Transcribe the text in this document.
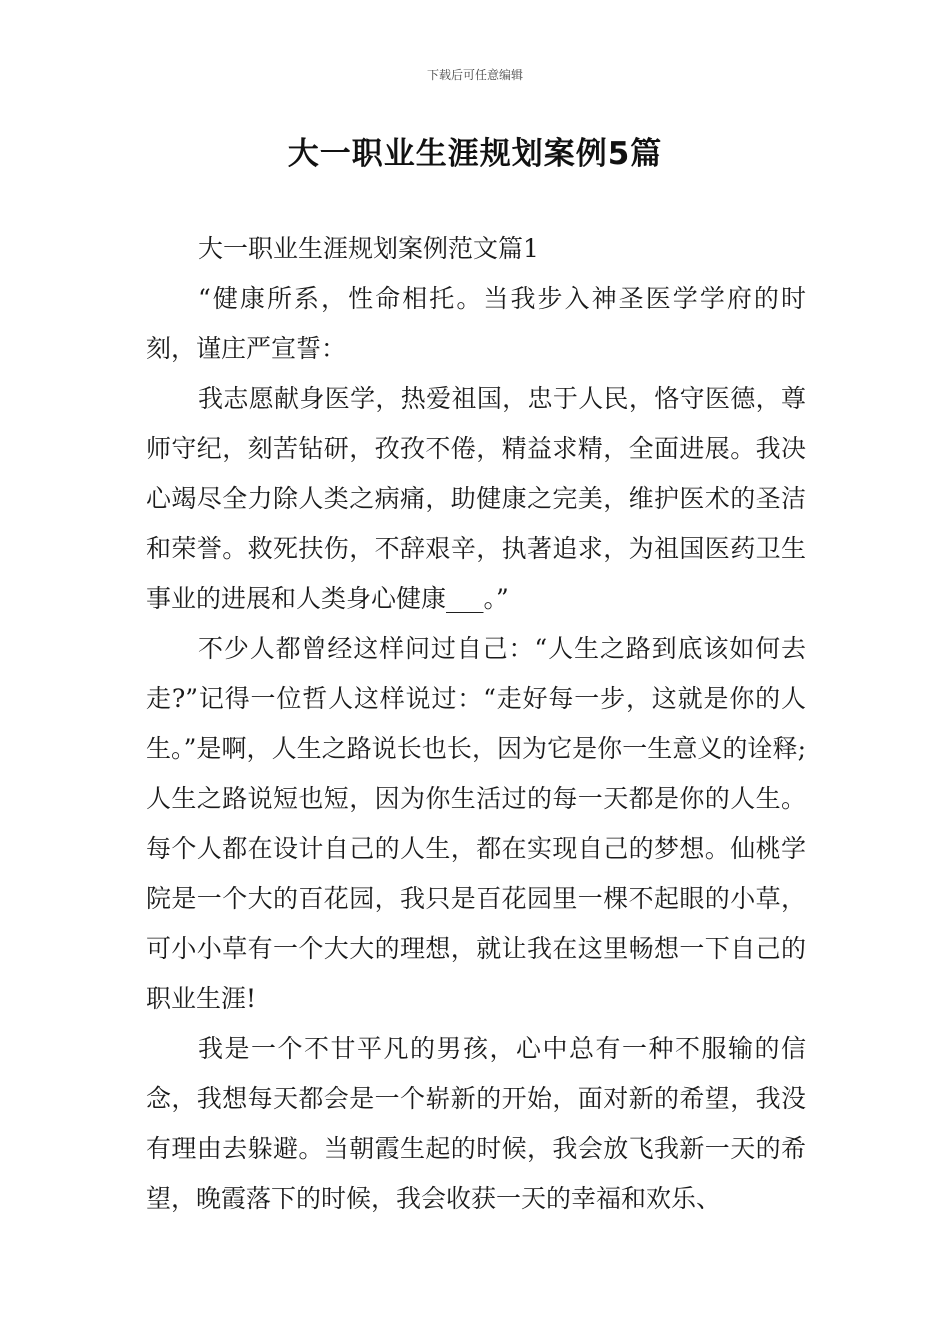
下载后可任意编辑
大一职业生涯规划案例5篇

大一职业生涯规划案例范文篇1

“健康所系，性命相托。当我步入神圣医学学府的时刻，谨庄严宣誓：

我志愿献身医学，热爱祖国，忠于人民，恪守医德，尊师守纪，刻苦钻研，孜孜不倦，精益求精，全面进展。我决心竭尽全力除人类之病痛，助健康之完美，维护医术的圣洁和荣誉。救死扶伤，不辞艰辛，执著追求，为祖国医药卫生事业的进展和人类身心健康___。”

不少人都曾经这样问过自己：“人生之路到底该如何去走?”记得一位哲人这样说过：“走好每一步，这就是你的人生。”是啊，人生之路说长也长，因为它是你一生意义的诠释;人生之路说短也短，因为你生活过的每一天都是你的人生。每个人都在设计自己的人生，都在实现自己的梦想。仙桃学院是一个大的百花园，我只是百花园里一棵不起眼的小草，可小小草有一个大大的理想，就让我在这里畅想一下自己的职业生涯!

我是一个不甘平凡的男孩，心中总有一种不服输的信念，我想每天都会是一个崭新的开始，面对新的希望，我没有理由去躲避。当朝霞生起的时候，我会放飞我新一天的希望，晚霞落下的时候，我会收获一天的幸福和欢乐、
